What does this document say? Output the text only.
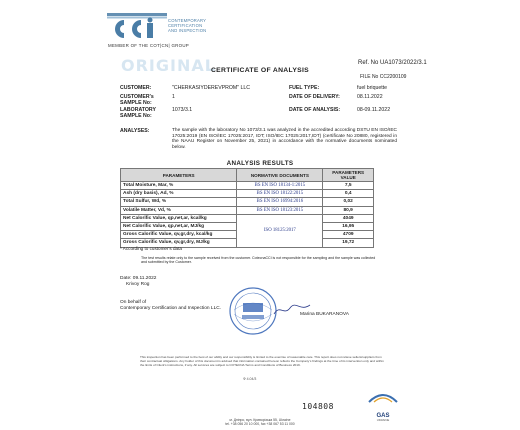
CONTEMPORARY
CERTIFICATION
AND INSPECTION
MEMBER OF THE COT|CN| GROUP
ORIGINAL	Ref. No UA1073/2022/3.1
CERTIFICATE OF ANALYSIS
FILE No CC2200109
CUSTOMER:	"CHERKASIYDEREVPROM" LLC	FUEL TYPE:	fuel briquette
CUSTOMER's SAMPLE No:
1	DATE OF DELIVERY:	08.11.2022
LABORATORY SAMPLE No:
1073/3.1	DATE OF ANALYSIS:	08-09.11.2022
ANALYSES:	The sample with the laboratory No 1073/3.1 was analyzed in the accredited according DSTU EN ISO/IEC 17025:2019 (EN ISO/IEC 17025:2017, IDT; ISO/IEC 17025:2017,IDT) (certificate No 20880, registered in the NAAU Register on November 25, 2021) in accordance with the normative documents nominated below.
ANALYSIS RESULTS
PARAMETERS	NORMATIVE DOCUMENTS	PARAMETERS VALUE
Total Moisture, Mar, %	BS EN ISO 18134-1:2015	7,5
Ash (dry basis), Ad, %	BS EN ISO 18122:2015	0,4
Total Sulfur, Wd, %	BS EN ISO 16994:2016	0,02
Volatile Matter, Vd, %	BS EN ISO 18123:2015	80,9
Net Calorific Value, qp,net,ar, kcal/kg	ISO 18125:2017	4049
Net Calorific Value, qp,net,ar, MJ/kg		16,95
Gross Calorific Value, qv,gr,dry, kcal/kg		4709
Gross Calorific Value, qv,gr,dry, MJ/kg		19,72
* According to customer's data
The test results relate only to the sample received from the customer. CotecnaCCI is not responsible for the sampling and the sample was collected and submitted by the Customer.
Date: 09.11.2022
Krivoy Rog
On behalf of
Contemporary Certification and Inspection LLC.
Marina BUKARANOVA
This inspection has been performed to the best of our ability and our responsibility is limited to the exercise of reasonable care. This report does not relieve sellers/suppliers from their contractual obligations. Any holder of this document is advised that information contained hereon reflects the Company's findings at the time of its intervention only and within the limits of Client's instructions, if any. All services are subject to COTECNA Terms and Conditions of Business 2019.
Ф 4.04/3
GAS
UKRAINE
104808
м. Дніпро, вул. Криворізька 55, Ukraine
tel. +38 056 20 10 000, fax +38 067 53 11 000
